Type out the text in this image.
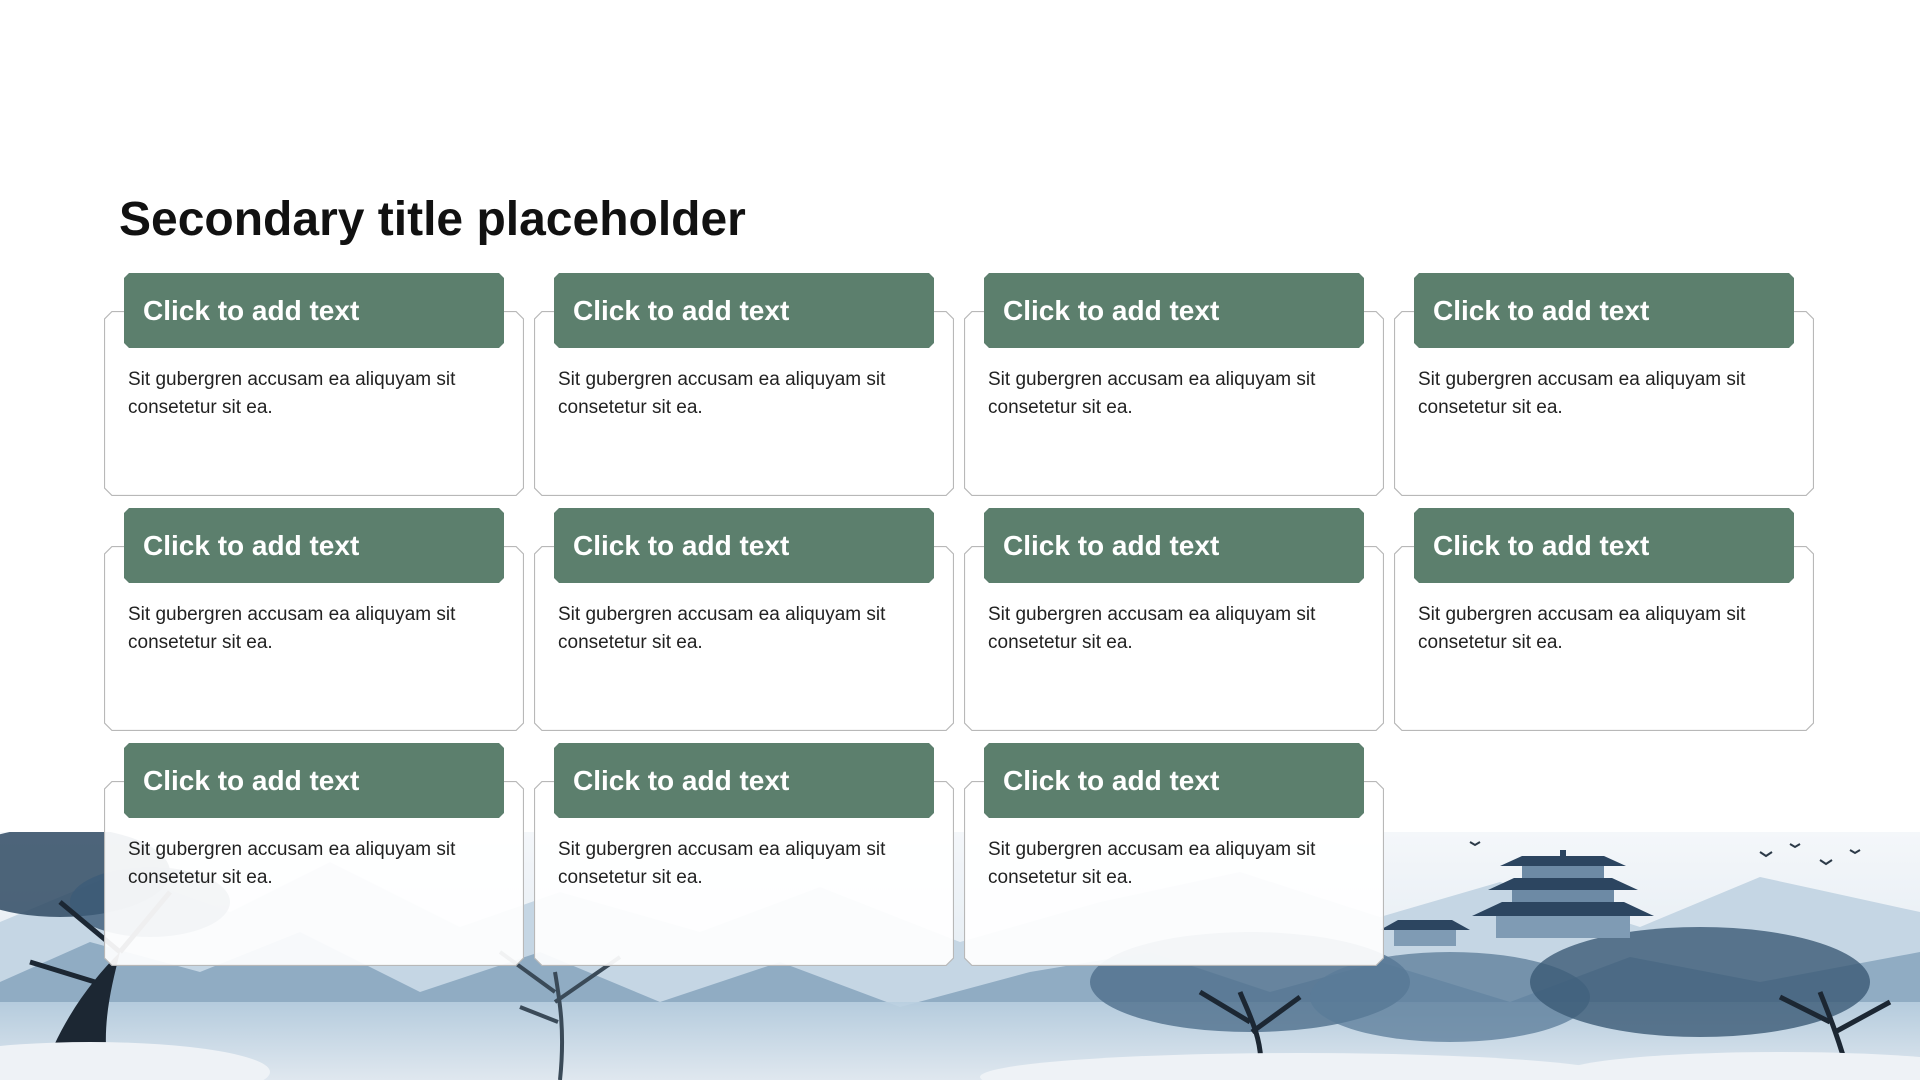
Secondary title placeholder
Click to add text
Sit gubergren accusam ea aliquyam sit consetetur sit ea.
Click to add text
Sit gubergren accusam ea aliquyam sit consetetur sit ea.
Click to add text
Sit gubergren accusam ea aliquyam sit consetetur sit ea.
Click to add text
Sit gubergren accusam ea aliquyam sit consetetur sit ea.
Click to add text
Sit gubergren accusam ea aliquyam sit consetetur sit ea.
Click to add text
Sit gubergren accusam ea aliquyam sit consetetur sit ea.
Click to add text
Sit gubergren accusam ea aliquyam sit consetetur sit ea.
Click to add text
Sit gubergren accusam ea aliquyam sit consetetur sit ea.
Click to add text
Sit gubergren accusam ea aliquyam sit consetetur sit ea.
Click to add text
Sit gubergren accusam ea aliquyam sit consetetur sit ea.
Click to add text
Sit gubergren accusam ea aliquyam sit consetetur sit ea.
